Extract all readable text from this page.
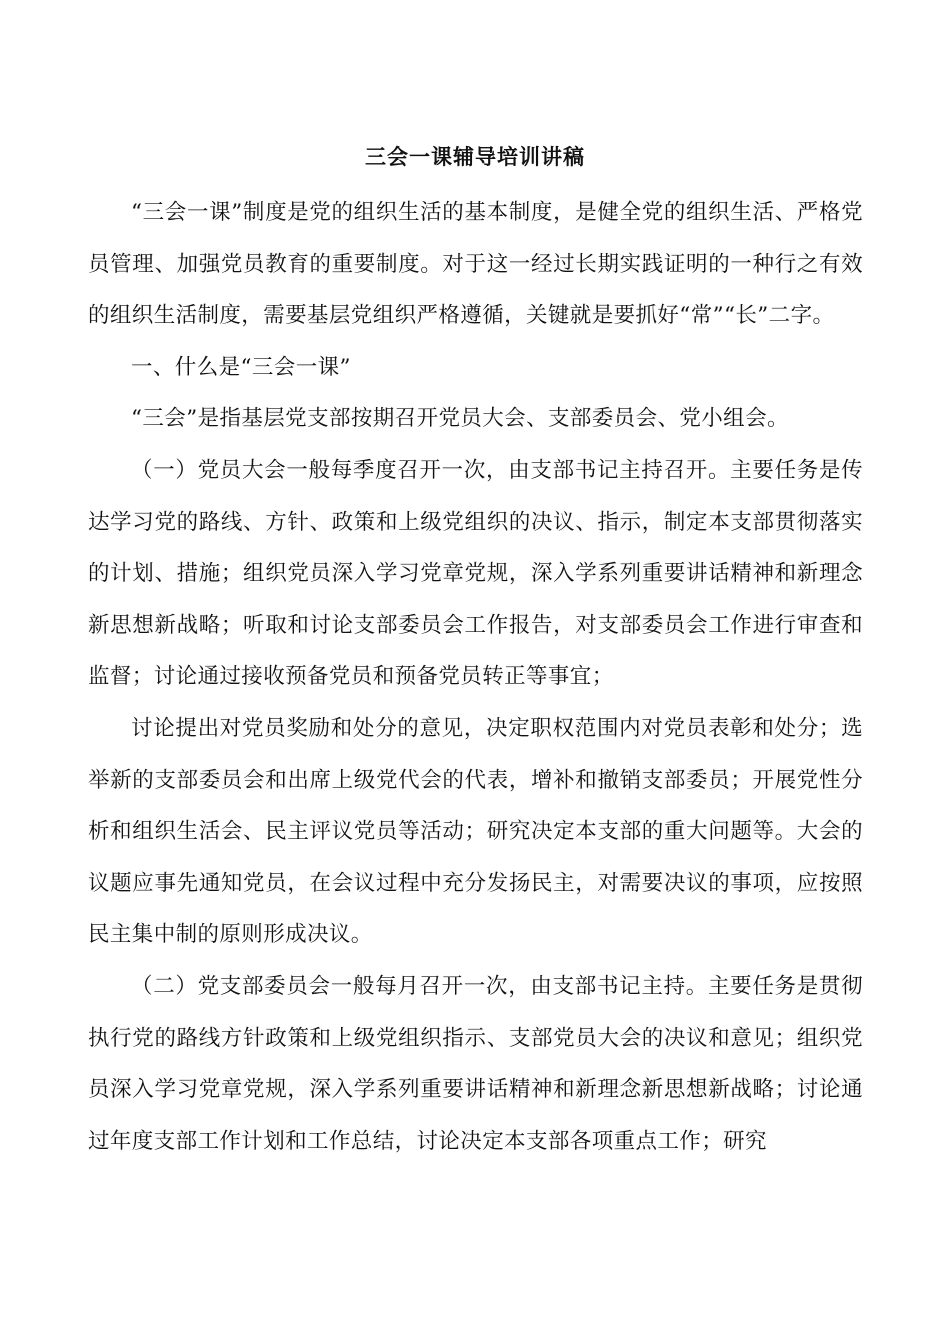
三会一课辅导培训讲稿

“三会一课”制度是党的组织生活的基本制度，是健全党的组织生活、严格党员管理、加强党员教育的重要制度。对于这一经过长期实践证明的一种行之有效的组织生活制度，需要基层党组织严格遵循，关键就是要抓好“常”“长”二字。

一、什么是“三会一课”

“三会”是指基层党支部按期召开党员大会、支部委员会、党小组会。

（一）党员大会一般每季度召开一次，由支部书记主持召开。主要任务是传达学习党的路线、方针、政策和上级党组织的决议、指示，制定本支部贯彻落实的计划、措施；组织党员深入学习党章党规，深入学系列重要讲话精神和新理念新思想新战略；听取和讨论支部委员会工作报告，对支部委员会工作进行审查和监督；讨论通过接收预备党员和预备党员转正等事宜；

讨论提出对党员奖励和处分的意见，决定职权范围内对党员表彰和处分；选举新的支部委员会和出席上级党代会的代表，增补和撤销支部委员；开展党性分析和组织生活会、民主评议党员等活动；研究决定本支部的重大问题等。大会的议题应事先通知党员，在会议过程中充分发扬民主，对需要决议的事项，应按照民主集中制的原则形成决议。

（二）党支部委员会一般每月召开一次，由支部书记主持。主要任务是贯彻执行党的路线方针政策和上级党组织指示、支部党员大会的决议和意见；组织党员深入学习党章党规，深入学系列重要讲话精神和新理念新思想新战略；讨论通过年度支部工作计划和工作总结，讨论决定本支部各项重点工作；研究
